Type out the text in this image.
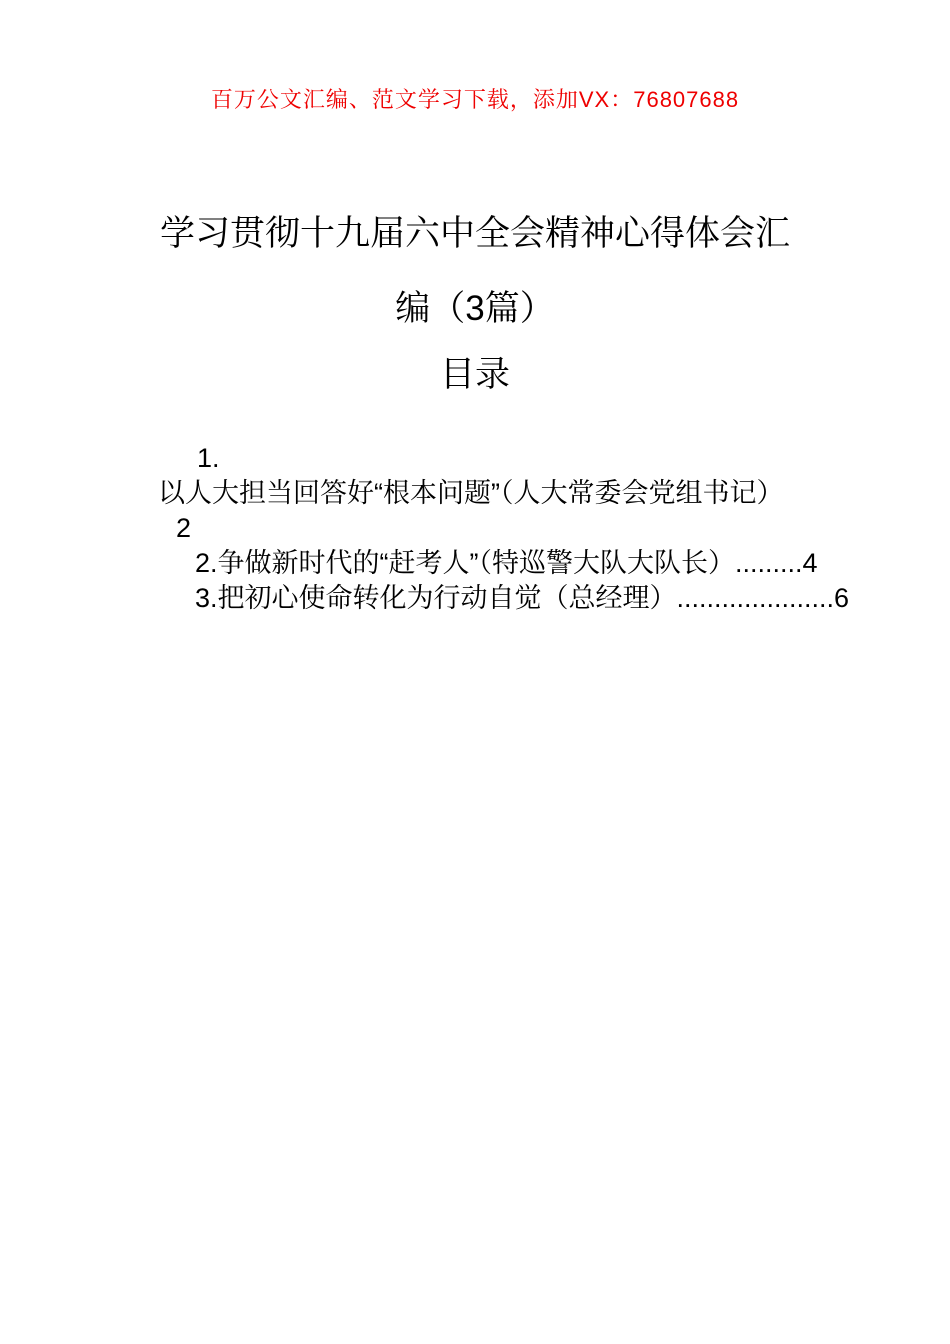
百万公文汇编、范文学习下载，添加VX：76807688
学习贯彻十九届六中全会精神心得体会汇
编（3篇）
目录
1.
以人大担当回答好“根本问题”（人大常委会党组书记）
2
2.争做新时代的“赶考人”（特巡警大队大队长）.........4
3.把初心使命转化为行动自觉（总经理）.....................6
